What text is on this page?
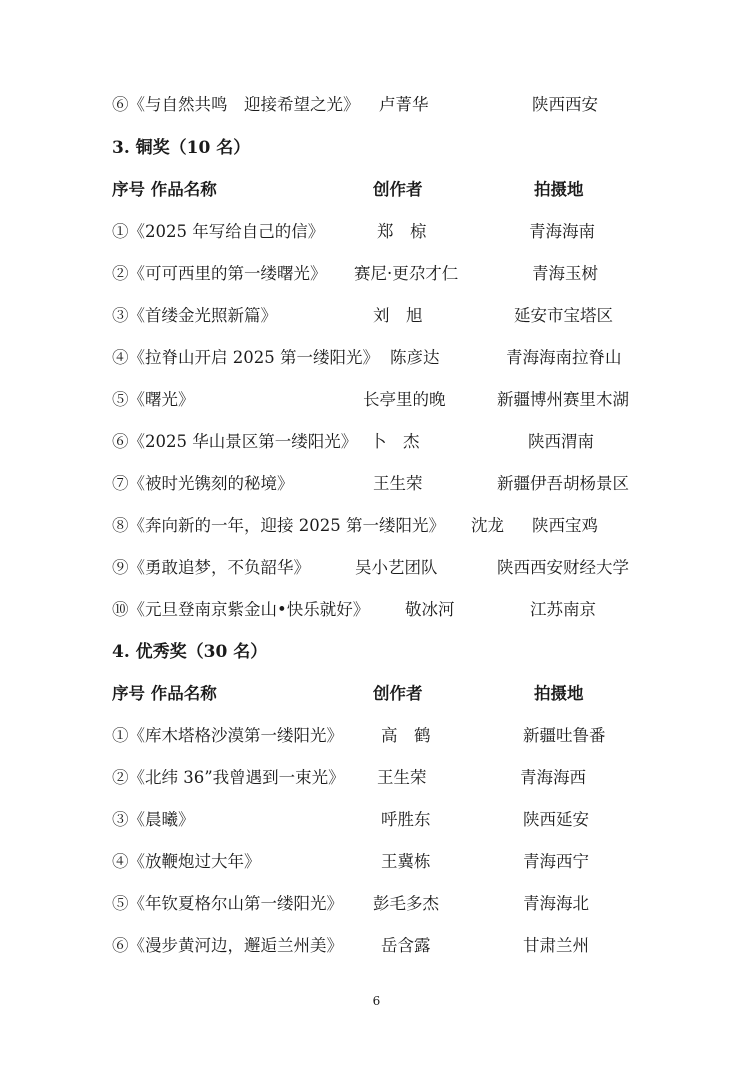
⑥《与自然共鸣　迎接希望之光》 卢菁华	陕西西安
3. 铜奖（10 名）
序号 作品名称	创作者	拍摄地
①《2025 年写给自己的信》	郑　椋	青海海南
②《可可西里的第一缕曙光》 赛尼·更尕才仁	青海玉树
③《首缕金光照新篇》	刘　旭	延安市宝塔区
④《拉脊山开启 2025 第一缕阳光》 陈彦达	青海海南拉脊山
⑤《曙光》	长亭里的晚	新疆博州赛里木湖
⑥《2025 华山景区第一缕阳光》 卜　杰	陕西渭南
⑦《被时光镌刻的秘境》	王生荣	新疆伊吾胡杨景区
⑧《奔向新的一年，迎接 2025 第一缕阳光》 沈龙 陕西宝鸡
⑨《勇敢追梦，不负韶华》	吴小艺团队	陕西西安财经大学
⑩《元旦登南京紫金山•快乐就好》 敬冰河	江苏南京
4. 优秀奖（30 名）
序号 作品名称	创作者	拍摄地
①《库木塔格沙漠第一缕阳光》 高　鹤	新疆吐鲁番
②《北纬 36”我曾遇到一束光》 王生荣	青海海西
③《晨曦》	呼胜东	陕西延安
④《放鞭炮过大年》	王冀栋	青海西宁
⑤《年钦夏格尔山第一缕阳光》 彭毛多杰	青海海北
⑥《漫步黄河边，邂逅兰州美》 岳含露	甘肃兰州
6
